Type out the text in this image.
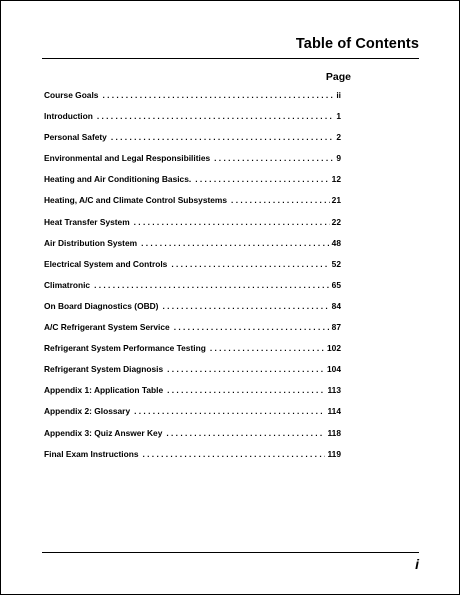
Table of Contents
Page
Course Goals . . .	ii
Introduction . . .	1
Personal Safety . . .	2
Environmental and Legal Responsibilities . . .	9
Heating and Air Conditioning Basics. . . .	12
Heating, A/C and Climate Control Subsystems . . .	21
Heat Transfer System . . .	22
Air Distribution System . . .	48
Electrical System and Controls . . .	52
Climatronic . . .	65
On Board Diagnostics (OBD) . . .	84
A/C Refrigerant System Service . . .	87
Refrigerant System Performance Testing . . .	102
Refrigerant System Diagnosis . . .	104
Appendix 1: Application Table . . .	113
Appendix 2: Glossary . . .	114
Appendix 3: Quiz Answer Key . . .	118
Final Exam Instructions . . .	119
i
